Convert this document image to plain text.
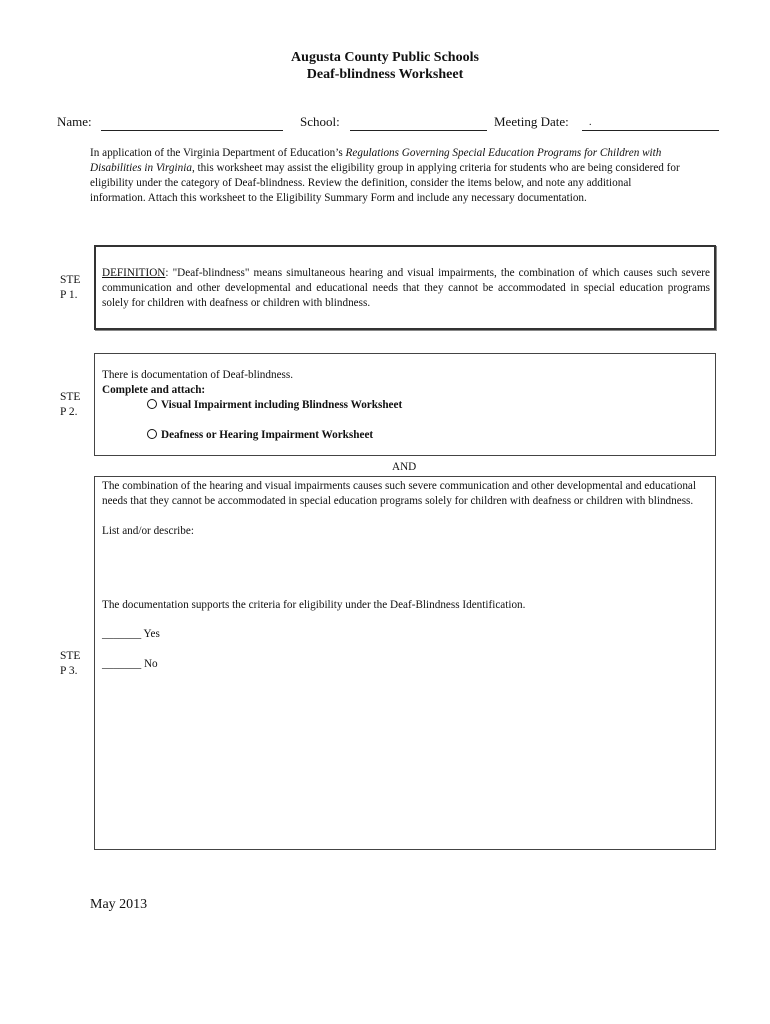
Augusta County Public Schools
Deaf-blindness Worksheet
Name:	School:	Meeting Date: .
In application of the Virginia Department of Education’s Regulations Governing Special Education Programs for Children with Disabilities in Virginia, this worksheet may assist the eligibility group in applying criteria for students who are being considered for eligibility under the category of Deaf-blindness. Review the definition, consider the items below, and note any additional information. Attach this worksheet to the Eligibility Summary Form and include any necessary documentation.
STE
P 1.
DEFINITION: "Deaf-blindness" means simultaneous hearing and visual impairments, the combination of which causes such severe communication and other developmental and educational needs that they cannot be accommodated in special education programs solely for children with deafness or children with blindness.
STE
P 2.
There is documentation of Deaf-blindness.
Complete and attach:
Visual Impairment including Blindness Worksheet
Deafness or Hearing Impairment Worksheet
AND
STE
P 3.
The combination of the hearing and visual impairments causes such severe communication and other developmental and educational needs that they cannot be accommodated in special education programs solely for children with deafness or children with blindness.
List and/or describe:
The documentation supports the criteria for eligibility under the Deaf-Blindness Identification.
_______ Yes
_______ No
May 2013
